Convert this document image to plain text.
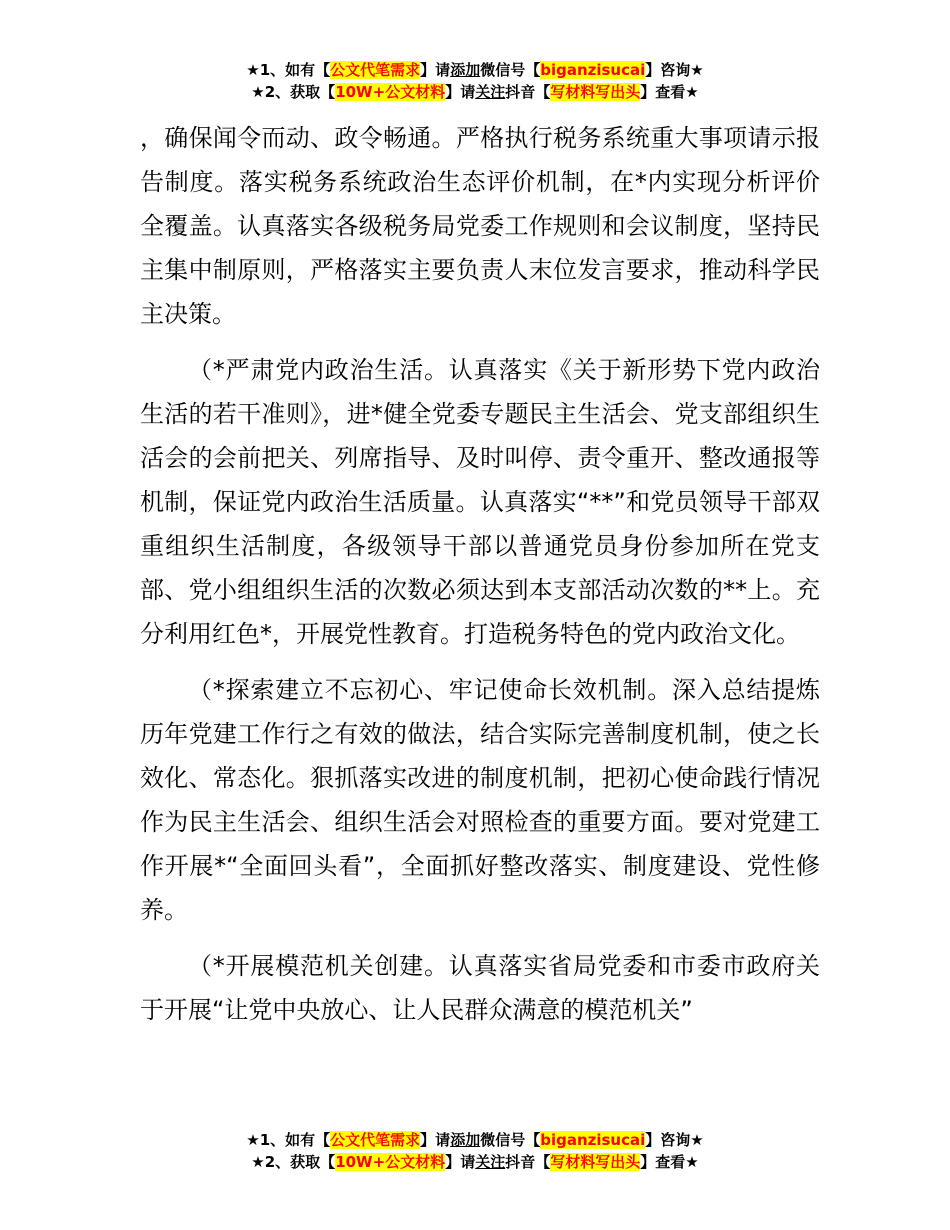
★1、如有【公文代笔需求】请添加微信号【biganzisucai】咨询★
★2、获取【10W+公文材料】请关注抖音【写材料写出头】查看★

，确保闻令而动、政令畅通。严格执行税务系统重大事项请示报告制度。落实税务系统政治生态评价机制，在*内实现分析评价全覆盖。认真落实各级税务局党委工作规则和会议制度，坚持民主集中制原则，严格落实主要负责人末位发言要求，推动科学民主决策。

（*严肃党内政治生活。认真落实《关于新形势下党内政治生活的若干准则》，进*健全党委专题民主生活会、党支部组织生活会的会前把关、列席指导、及时叫停、责令重开、整改通报等机制，保证党内政治生活质量。认真落实“**”和党员领导干部双重组织生活制度，各级领导干部以普通党员身份参加所在党支部、党小组组织生活的次数必须达到本支部活动次数的**上。充分利用红色*，开展党性教育。打造税务特色的党内政治文化。

（*探索建立不忘初心、牢记使命长效机制。深入总结提炼历年党建工作行之有效的做法，结合实际完善制度机制，使之长效化、常态化。狠抓落实改进的制度机制，把初心使命践行情况作为民主生活会、组织生活会对照检查的重要方面。要对党建工作开展*“全面回头看”，全面抓好整改落实、制度建设、党性修养。

（*开展模范机关创建。认真落实省局党委和市委市政府关于开展“让党中央放心、让人民群众满意的模范机关”

★1、如有【公文代笔需求】请添加微信号【biganzisucai】咨询★
★2、获取【10W+公文材料】请关注抖音【写材料写出头】查看★
